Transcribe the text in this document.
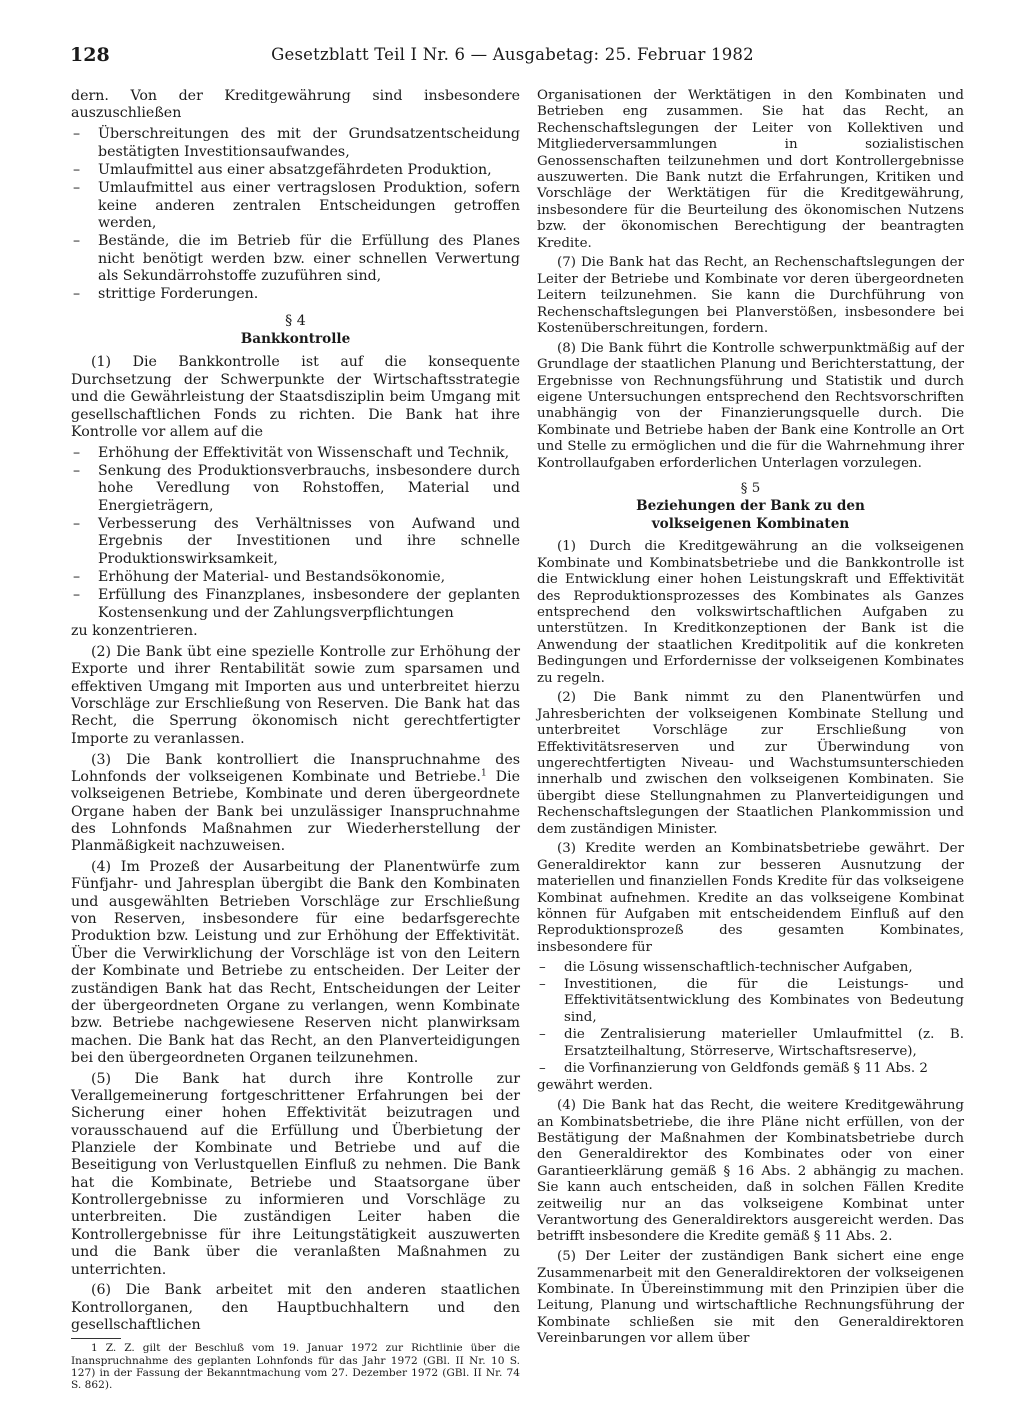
128	Gesetzblatt Teil I Nr. 6 — Ausgabetag: 25. Februar 1982
dern. Von der Kreditgewährung sind insbesondere auszuschließen
– Überschreitungen des mit der Grundsatzentscheidung bestätigten Investitionsaufwandes,
– Umlaufmittel aus einer absatzgefährdeten Produktion,
– Umlaufmittel aus einer vertragslosen Produktion, sofern keine anderen zentralen Entscheidungen getroffen werden,
– Bestände, die im Betrieb für die Erfüllung des Planes nicht benötigt werden bzw. einer schnellen Verwertung als Sekundärrohstoffe zuzuführen sind,
– strittige Forderungen.
§ 4
Bankkontrolle
(1) Die Bankkontrolle ist auf die konsequente Durchsetzung der Schwerpunkte der Wirtschaftsstrategie und die Gewährleistung der Staatsdisziplin beim Umgang mit gesellschaftlichen Fonds zu richten. Die Bank hat ihre Kontrolle vor allem auf die
– Erhöhung der Effektivität von Wissenschaft und Technik,
– Senkung des Produktionsverbrauchs, insbesondere durch hohe Veredlung von Rohstoffen, Material und Energieträgern,
– Verbesserung des Verhältnisses von Aufwand und Ergebnis der Investitionen und ihre schnelle Produktionswirksamkeit,
– Erhöhung der Material- und Bestandsökonomie,
– Erfüllung des Finanzplanes, insbesondere der geplanten Kostensenkung und der Zahlungsverpflichtungen
zu konzentrieren.
(2) Die Bank übt eine spezielle Kontrolle zur Erhöhung der Exporte und ihrer Rentabilität sowie zum sparsamen und effektiven Umgang mit Importen aus und unterbreitet hierzu Vorschläge zur Erschließung von Reserven. Die Bank hat das Recht, die Sperrung ökonomisch nicht gerechtfertigter Importe zu veranlassen.
(3) Die Bank kontrolliert die Inanspruchnahme des Lohnfonds der volkseigenen Kombinate und Betriebe.$^1$ Die volkseigenen Betriebe, Kombinate und deren übergeordnete Organe haben der Bank bei unzulässiger Inanspruchnahme des Lohnfonds Maßnahmen zur Wiederherstellung der Planmäßigkeit nachzuweisen.
(4) Im Prozeß der Ausarbeitung der Planentwürfe zum Fünfjahr- und Jahresplan übergibt die Bank den Kombinaten und ausgewählten Betrieben Vorschläge zur Erschließung von Reserven, insbesondere für eine bedarfsgerechte Produktion bzw. Leistung und zur Erhöhung der Effektivität. Über die Verwirklichung der Vorschläge ist von den Leitern der Kombinate und Betriebe zu entscheiden. Der Leiter der zuständigen Bank hat das Recht, Entscheidungen der Leiter der übergeordneten Organe zu verlangen, wenn Kombinate bzw. Betriebe nachgewiesene Reserven nicht planwirksam machen. Die Bank hat das Recht, an den Planverteidigungen bei den übergeordneten Organen teilzunehmen.
(5) Die Bank hat durch ihre Kontrolle zur Verallgemeinerung fortgeschrittener Erfahrungen bei der Sicherung einer hohen Effektivität beizutragen und vorausschauend auf die Erfüllung und Überbietung der Planziele der Kombinate und Betriebe und auf die Beseitigung von Verlustquellen Einfluß zu nehmen. Die Bank hat die Kombinate, Betriebe und Staatsorgane über Kontrollergebnisse zu informieren und Vorschläge zu unterbreiten. Die zuständigen Leiter haben die Kontrollergebnisse für ihre Leitungstätigkeit auszuwerten und die Bank über die veranlaßten Maßnahmen zu unterrichten.
(6) Die Bank arbeitet mit den anderen staatlichen Kontrollorganen, den Hauptbuchhaltern und den gesellschaftlichen
1 Z. Z. gilt der Beschluß vom 19. Januar 1972 zur Richtlinie über die Inanspruchnahme des geplanten Lohnfonds für das Jahr 1972 (GBl. II Nr. 10 S. 127) in der Fassung der Bekanntmachung vom 27. Dezember 1972 (GBl. II Nr. 74 S. 862).
Organisationen der Werktätigen in den Kombinaten und Betrieben eng zusammen. Sie hat das Recht, an Rechenschaftslegungen der Leiter von Kollektiven und Mitgliederversammlungen in sozialistischen Genossenschaften teilzunehmen und dort Kontrollergebnisse auszuwerten. Die Bank nutzt die Erfahrungen, Kritiken und Vorschläge der Werktätigen für die Kreditgewährung, insbesondere für die Beurteilung des ökonomischen Nutzens bzw. der ökonomischen Berechtigung der beantragten Kredite.
(7) Die Bank hat das Recht, an Rechenschaftslegungen der Leiter der Betriebe und Kombinate vor deren übergeordneten Leitern teilzunehmen. Sie kann die Durchführung von Rechenschaftslegungen bei Planverstößen, insbesondere bei Kostenüberschreitungen, fordern.
(8) Die Bank führt die Kontrolle schwerpunktmäßig auf der Grundlage der staatlichen Planung und Berichterstattung, der Ergebnisse von Rechnungsführung und Statistik und durch eigene Untersuchungen entsprechend den Rechtsvorschriften unabhängig von der Finanzierungsquelle durch. Die Kombinate und Betriebe haben der Bank eine Kontrolle an Ort und Stelle zu ermöglichen und die für die Wahrnehmung ihrer Kontrollaufgaben erforderlichen Unterlagen vorzulegen.
§ 5
Beziehungen der Bank zu den
volkseigenen Kombinaten
(1) Durch die Kreditgewährung an die volkseigenen Kombinate und Kombinatsbetriebe und die Bankkontrolle ist die Entwicklung einer hohen Leistungskraft und Effektivität des Reproduktionsprozesses des Kombinates als Ganzes entsprechend den volkswirtschaftlichen Aufgaben zu unterstützen. In Kreditkonzeptionen der Bank ist die Anwendung der staatlichen Kreditpolitik auf die konkreten Bedingungen und Erfordernisse der volkseigenen Kombinates zu regeln.
(2) Die Bank nimmt zu den Planentwürfen und Jahresberichten der volkseigenen Kombinate Stellung und unterbreitet Vorschläge zur Erschließung von Effektivitätsreserven und zur Überwindung von ungerechtfertigten Niveau- und Wachstumsunterschieden innerhalb und zwischen den volkseigenen Kombinaten. Sie übergibt diese Stellungnahmen zu Planverteidigungen und Rechenschaftslegungen der Staatlichen Plankommission und dem zuständigen Minister.
(3) Kredite werden an Kombinatsbetriebe gewährt. Der Generaldirektor kann zur besseren Ausnutzung der materiellen und finanziellen Fonds Kredite für das volkseigene Kombinat aufnehmen. Kredite an das volkseigene Kombinat können für Aufgaben mit entscheidendem Einfluß auf den Reproduktionsprozeß des gesamten Kombinates, insbesondere für
– die Lösung wissenschaftlich-technischer Aufgaben,
– Investitionen, die für die Leistungs- und Effektivitätsentwicklung des Kombinates von Bedeutung sind,
– die Zentralisierung materieller Umlaufmittel (z. B. Ersatzteilhaltung, Störreserve, Wirtschaftsreserve),
– die Vorfinanzierung von Geldfonds gemäß § 11 Abs. 2
gewährt werden.
(4) Die Bank hat das Recht, die weitere Kreditgewährung an Kombinatsbetriebe, die ihre Pläne nicht erfüllen, von der Bestätigung der Maßnahmen der Kombinatsbetriebe durch den Generaldirektor des Kombinates oder von einer Garantieerklärung gemäß § 16 Abs. 2 abhängig zu machen. Sie kann auch entscheiden, daß in solchen Fällen Kredite zeitweilig nur an das volkseigene Kombinat unter Verantwortung des Generaldirektors ausgereicht werden. Das betrifft insbesondere die Kredite gemäß § 11 Abs. 2.
(5) Der Leiter der zuständigen Bank sichert eine enge Zusammenarbeit mit den Generaldirektoren der volkseigenen Kombinate. In Übereinstimmung mit den Prinzipien über die Leitung, Planung und wirtschaftliche Rechnungsführung der Kombinate schließen sie mit den Generaldirektoren Vereinbarungen vor allem über
